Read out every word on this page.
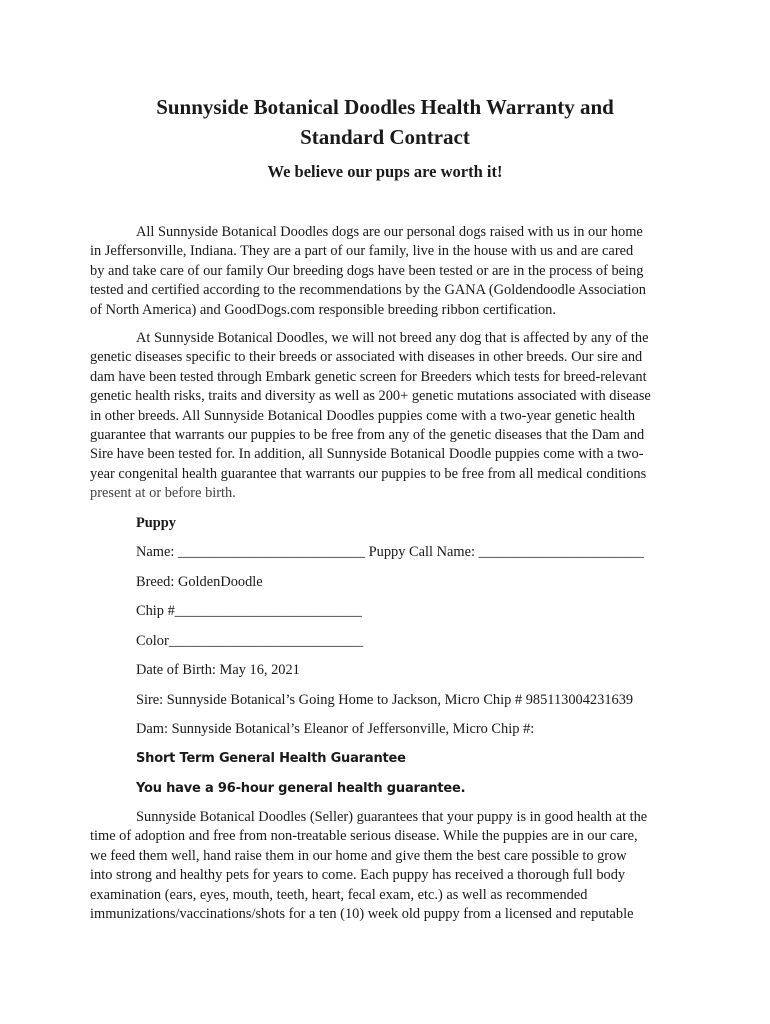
Sunnyside Botanical Doodles Health Warranty and
Standard Contract

We believe our pups are worth it!

All Sunnyside Botanical Doodles dogs are our personal dogs raised with us in our home
in Jeffersonville, Indiana. They are a part of our family, live in the house with us and are cared
by and take care of our family Our breeding dogs have been tested or are in the process of being
tested and certified according to the recommendations by the GANA (Goldendoodle Association
of North America) and GoodDogs.com responsible breeding ribbon certification.

At Sunnyside Botanical Doodles, we will not breed any dog that is affected by any of the
genetic diseases specific to their breeds or associated with diseases in other breeds. Our sire and
dam have been tested through Embark genetic screen for Breeders which tests for breed-relevant
genetic health risks, traits and diversity as well as 200+ genetic mutations associated with disease
in other breeds. All Sunnyside Botanical Doodles puppies come with a two-year genetic health
guarantee that warrants our puppies to be free from any of the genetic diseases that the Dam and
Sire have been tested for. In addition, all Sunnyside Botanical Doodle puppies come with a two-
year congenital health guarantee that warrants our puppies to be free from all medical conditions
present at or before birth.

Puppy

Name: __________________________ Puppy Call Name: _______________________

Breed: GoldenDoodle

Chip #__________________________

Color___________________________

Date of Birth: May 16, 2021

Sire: Sunnyside Botanical’s Going Home to Jackson, Micro Chip # 985113004231639

Dam: Sunnyside Botanical’s Eleanor of Jeffersonville, Micro Chip #:

Short Term General Health Guarantee

You have a 96-hour general health guarantee.

Sunnyside Botanical Doodles (Seller) guarantees that your puppy is in good health at the
time of adoption and free from non-treatable serious disease. While the puppies are in our care,
we feed them well, hand raise them in our home and give them the best care possible to grow
into strong and healthy pets for years to come. Each puppy has received a thorough full body
examination (ears, eyes, mouth, teeth, heart, fecal exam, etc.) as well as recommended
immunizations/vaccinations/shots for a ten (10) week old puppy from a licensed and reputable
